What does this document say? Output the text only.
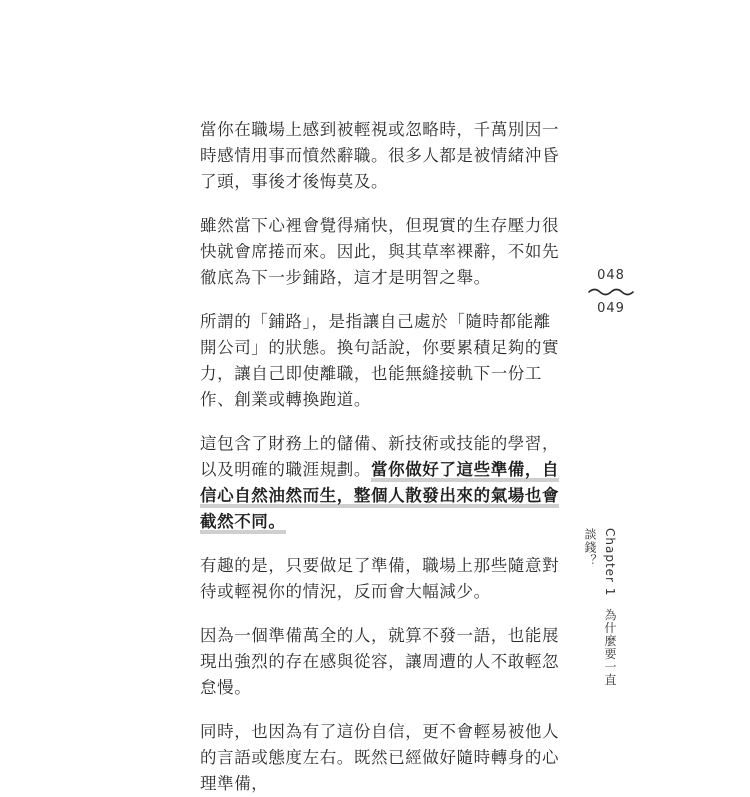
當你在職場上感到被輕視或忽略時，千萬別因一時感情用事而憤然辭職。很多人都是被情緒沖昏了頭，事後才後悔莫及。

雖然當下心裡會覺得痛快，但現實的生存壓力很快就會席捲而來。因此，與其草率裸辭，不如先徹底為下一步鋪路，這才是明智之舉。

所謂的「鋪路」，是指讓自己處於「隨時都能離開公司」的狀態。換句話說，你要累積足夠的實力，讓自己即使離職，也能無縫接軌下一份工作、創業或轉換跑道。

這包含了財務上的儲備、新技術或技能的學習，以及明確的職涯規劃。當你做好了這些準備，自信心自然油然而生，整個人散發出來的氣場也會截然不同。

有趣的是，只要做足了準備，職場上那些隨意對待或輕視你的情況，反而會大幅減少。

因為一個準備萬全的人，就算不發一語，也能展現出強烈的存在感與從容，讓周遭的人不敢輕忽怠慢。

同時，也因為有了這份自信，更不會輕易被他人的言語或態度左右。既然已經做好隨時轉身的心理準備，

048
049
Chapter 1為什麼要一直談錢？
